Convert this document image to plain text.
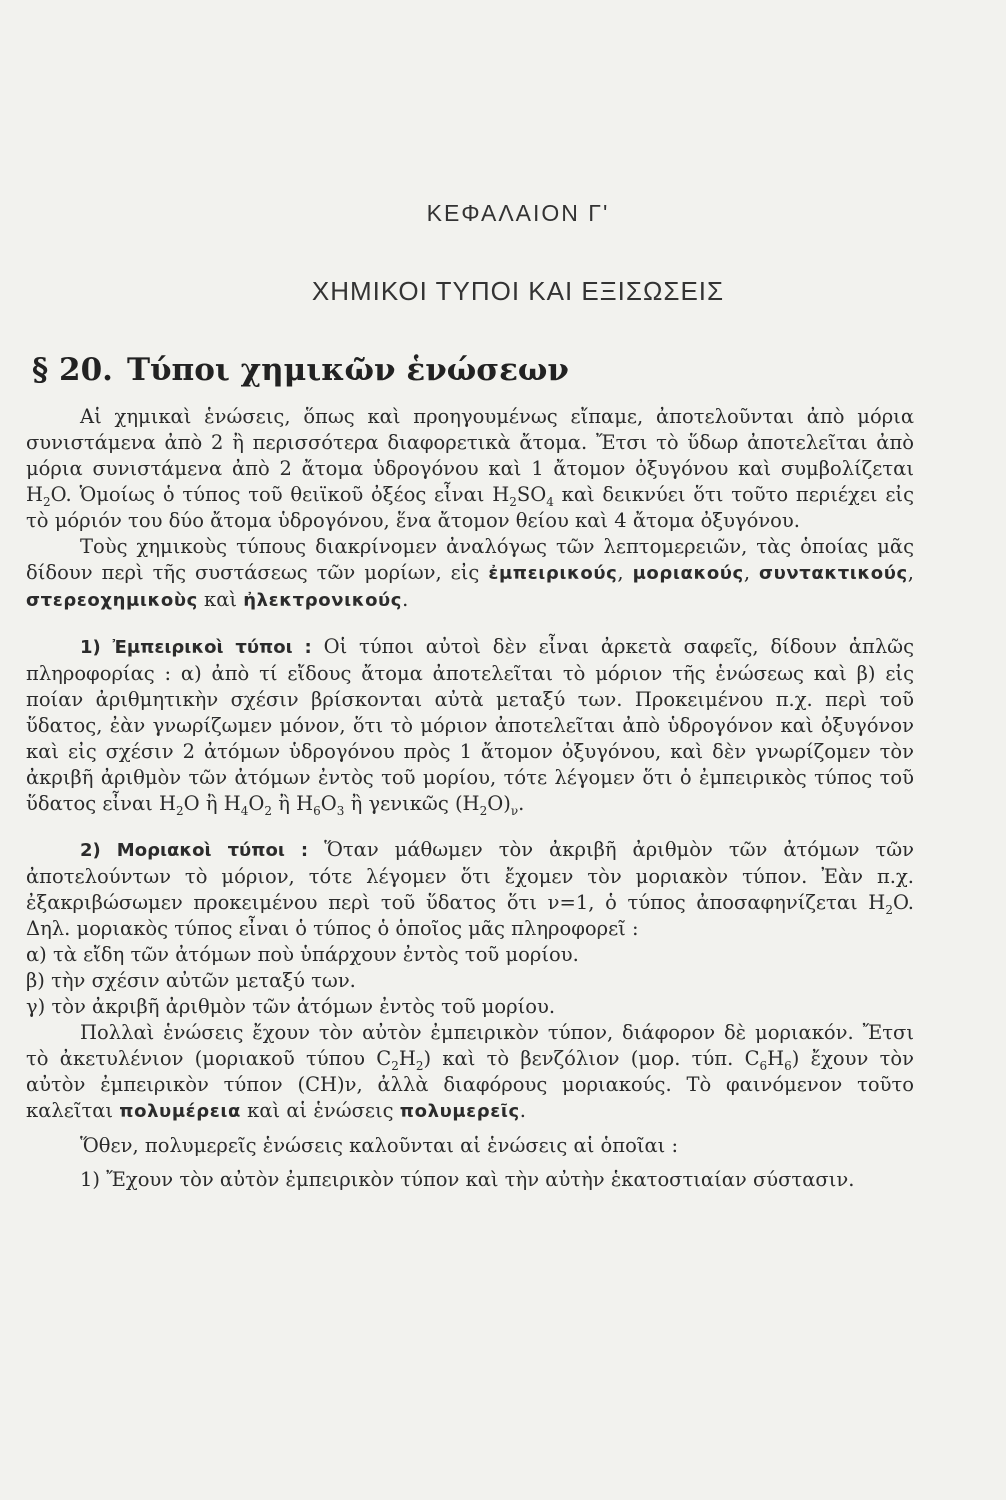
ΚΕΦΑΛΑΙΟΝ Γ'
ΧΗΜΙΚΟΙ ΤΥΠΟΙ ΚΑΙ ΕΞΙΣΩΣΕΙΣ
§ 20. Τύποι χημικῶν ἑνώσεων

Αἱ χημικαὶ ἑνώσεις, ὅπως καὶ προηγουμένως εἴπαμε, ἀποτελοῦνται ἀπὸ μόρια συνιστάμενα ἀπὸ 2 ἢ περισσότερα διαφορετικὰ ἄτομα. Ἔτσι τὸ ὕδωρ ἀποτελεῖται ἀπὸ μόρια συνιστάμενα ἀπὸ 2 ἄτομα ὑδρογόνου καὶ 1 ἄτομον ὀξυγόνου καὶ συμβολίζεται $H_2O$. Ὁμοίως ὁ τύπος τοῦ θειϊκοῦ ὀξέος εἶναι $H_2SO_4$ καὶ δεικνύει ὅτι τοῦτο περιέχει εἰς τὸ μόριόν του δύο ἄτομα ὑδρογόνου, ἕνα ἄτομον θείου καὶ 4 ἄτομα ὀξυγόνου.

Τοὺς χημικοὺς τύπους διακρίνομεν ἀναλόγως τῶν λεπτομερειῶν, τὰς ὁποίας μᾶς δίδουν περὶ τῆς συστάσεως τῶν μορίων, εἰς ἐμπειρικούς, μοριακούς, συντακτικούς, στερεοχημικοὺς καὶ ἠλεκτρονικούς.

1) Ἐμπειρικοὶ τύποι : Οἱ τύποι αὐτοὶ δὲν εἶναι ἀρκετὰ σαφεῖς, δίδουν ἁπλῶς πληροφορίας : α) ἀπὸ τί εἴδους ἄτομα ἀποτελεῖται τὸ μόριον τῆς ἑνώσεως καὶ β) εἰς ποίαν ἀριθμητικὴν σχέσιν βρίσκονται αὐτὰ μεταξύ των. Προκειμένου π.χ. περὶ τοῦ ὕδατος, ἐὰν γνωρίζωμεν μόνον, ὅτι τὸ μόριον ἀποτελεῖται ἀπὸ ὑδρογόνον καὶ ὀξυγόνον καὶ εἰς σχέσιν 2 ἀτόμων ὑδρογόνου πρὸς 1 ἄτομον ὀξυγόνου, καὶ δὲν γνωρίζομεν τὸν ἀκριβῆ ἀριθμὸν τῶν ἀτόμων ἐντὸς τοῦ μορίου, τότε λέγομεν ὅτι ὁ ἐμπειρικὸς τύπος τοῦ ὕδατος εἶναι $H_2O$ ἢ $H_4O_2$ ἢ $H_6O_3$ ἢ γενικῶς $(H_2O)_\nu$.

2) Μοριακοὶ τύποι : Ὅταν μάθωμεν τὸν ἀκριβῆ ἀριθμὸν τῶν ἀτόμων τῶν ἀποτελούντων τὸ μόριον, τότε λέγομεν ὅτι ἔχομεν τὸν μοριακὸν τύπον. Ἐὰν π.χ. ἐξακριβώσωμεν προκειμένου περὶ τοῦ ὕδατος ὅτι ν=1, ὁ τύπος ἀποσαφηνίζεται $H_2O$. Δηλ. μοριακὸς τύπος εἶναι ὁ τύπος ὁ ὁποῖος μᾶς πληροφορεῖ :

α) τὰ εἴδη τῶν ἀτόμων ποὺ ὑπάρχουν ἐντὸς τοῦ μορίου.

β) τὴν σχέσιν αὐτῶν μεταξύ των.

γ) τὸν ἀκριβῆ ἀριθμὸν τῶν ἀτόμων ἐντὸς τοῦ μορίου.

Πολλαὶ ἑνώσεις ἔχουν τὸν αὐτὸν ἐμπειρικὸν τύπον, διάφορον δὲ μοριακόν. Ἔτσι τὸ ἀκετυλένιον (μοριακοῦ τύπου $C_2H_2$) καὶ τὸ βενζόλιον (μορ. τύπ. $C_6H_6$) ἔχουν τὸν αὐτὸν ἐμπειρικὸν τύπον (CH)ν, ἀλλὰ διαφόρους μοριακούς. Τὸ φαινόμενον τοῦτο καλεῖται πολυμέρεια καὶ αἱ ἑνώσεις πολυμερεῖς.

Ὅθεν, πολυμερεῖς ἑνώσεις καλοῦνται αἱ ἑνώσεις αἱ ὁποῖαι :

1) Ἔχουν τὸν αὐτὸν ἐμπειρικὸν τύπον καὶ τὴν αὐτὴν ἑκατοστιαίαν σύστασιν.
